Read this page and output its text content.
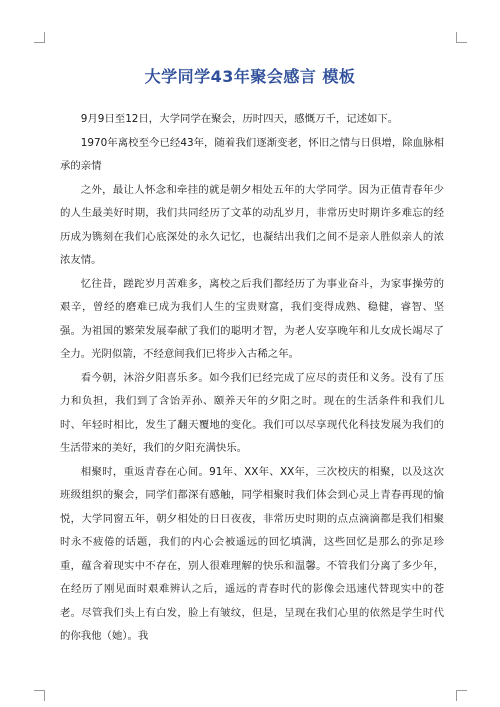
大学同学43年聚会感言 模板

9月9日至12日，大学同学在聚会，历时四天，感慨万千，记述如下。

1970年离校至今已经43年，随着我们逐渐变老，怀旧之情与日俱增，除血脉相承的亲情

之外，最让人怀念和牵挂的就是朝夕相处五年的大学同学。因为正值青春年少的人生最美好时期，我们共同经历了文革的动乱岁月，非常历史时期许多难忘的经历成为镌刻在我们心底深处的永久记忆，也凝结出我们之间不是亲人胜似亲人的浓浓友情。

忆往昔，蹉跎岁月苦难多，离校之后我们都经历了为事业奋斗，为家事操劳的艰辛，曾经的磨难已成为我们人生的宝贵财富，我们变得成熟、稳健，睿智、坚强。为祖国的繁荣发展奉献了我们的聪明才智，为老人安享晚年和儿女成长竭尽了全力。光阴似箭，不经意间我们已将步入古稀之年。

看今朝，沐浴夕阳喜乐多。如今我们已经完成了应尽的责任和义务。没有了压力和负担，我们到了含饴弄孙、颐养天年的夕阳之时。现在的生活条件和我们儿时、年轻时相比，发生了翻天覆地的变化。我们可以尽享现代化科技发展为我们的生活带来的美好，我们的夕阳充满快乐。

相聚时，重返青春在心间。91年、XX年、XX年，三次校庆的相聚，以及这次班级组织的聚会，同学们都深有感触，同学相聚时我们体会到心灵上青春再现的愉悦，大学同窗五年，朝夕相处的日日夜夜，非常历史时期的点点滴滴都是我们相聚时永不疲倦的话题，我们的内心会被遥远的回忆填满，这些回忆是那么的弥足珍重，蕴含着现实中不存在，别人很难理解的快乐和温馨。不管我们分离了多少年，在经历了刚见面时艰难辨认之后，遥远的青春时代的影像会迅速代替现实中的苍老。尽管我们头上有白发，脸上有皱纹，但是，呈现在我们心里的依然是学生时代的你我他（她）。我
